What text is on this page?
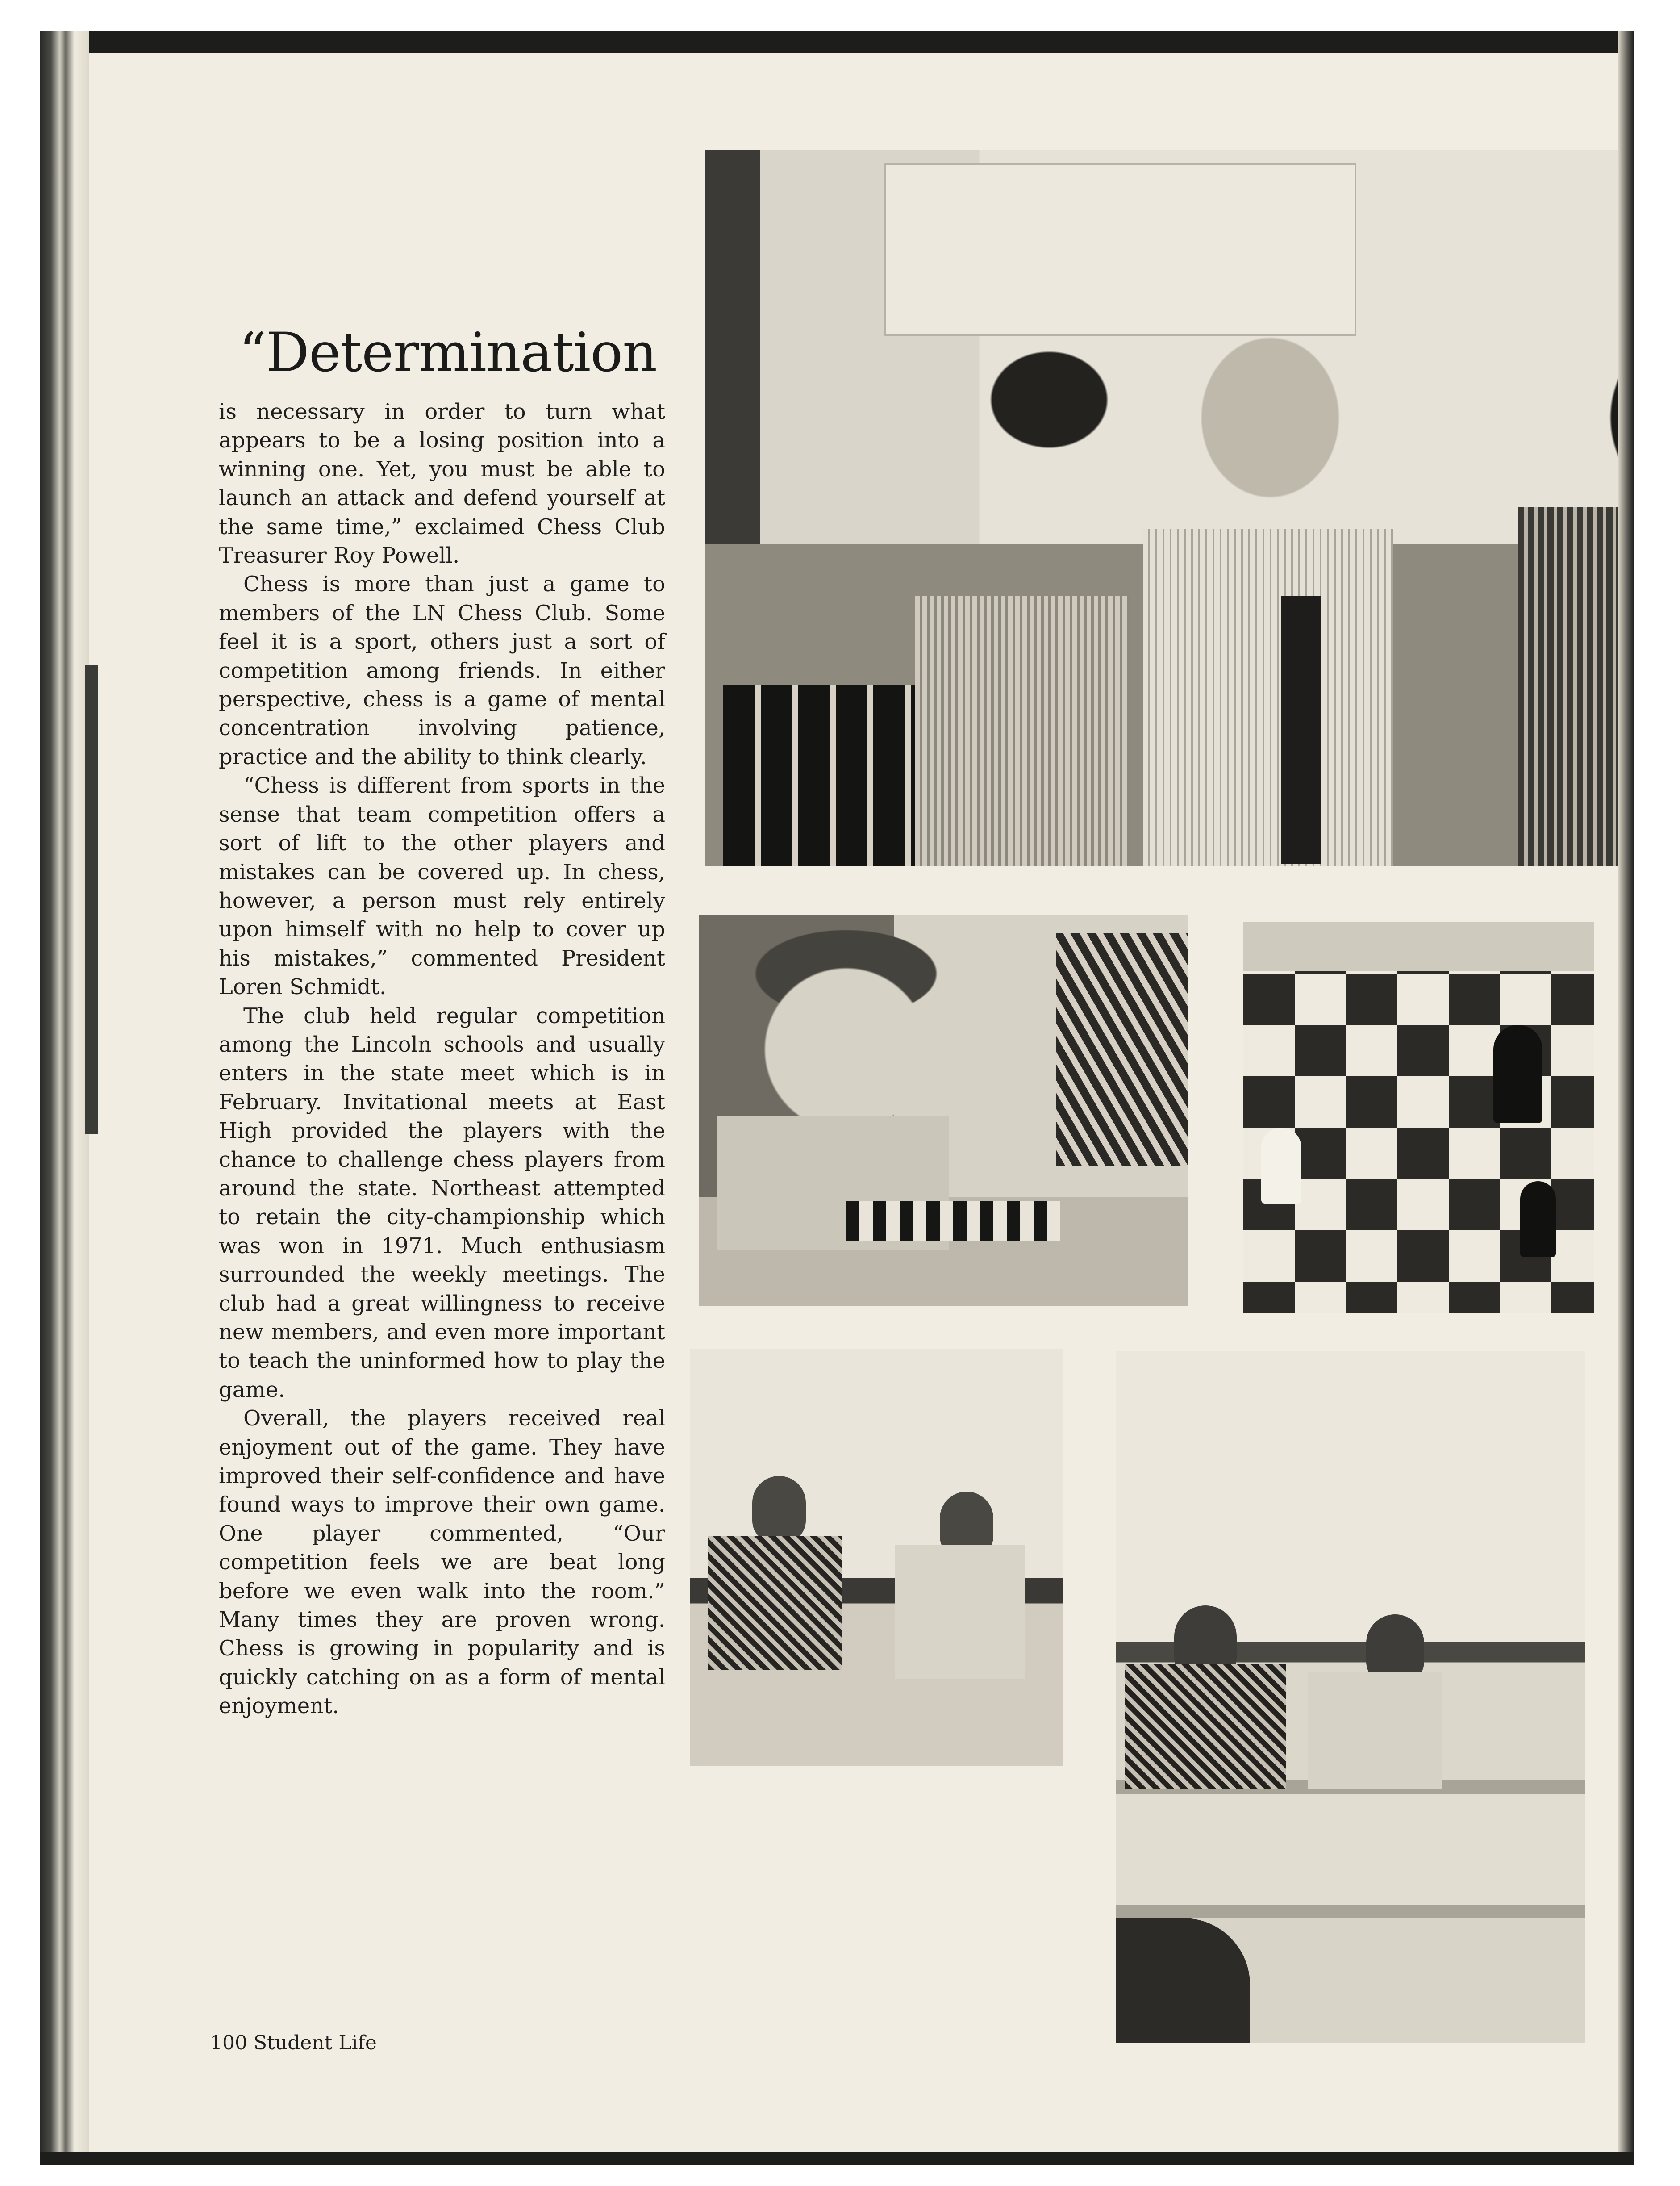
“Determination

is necessary in order to turn what appears to be a losing position into a winning one. Yet, you must be able to launch an attack and defend yourself at the same time,” exclaimed Chess Club Treasurer Roy Powell.

Chess is more than just a game to members of the LN Chess Club. Some feel it is a sport, others just a sort of competition among friends. In either perspective, chess is a game of mental concentration involving patience, practice and the ability to think clearly.

“Chess is different from sports in the sense that team competition offers a sort of lift to the other players and mistakes can be covered up. In chess, however, a person must rely entirely upon himself with no help to cover up his mistakes,” commented President Loren Schmidt.

The club held regular competition among the Lincoln schools and usually enters in the state meet which is in February. Invitational meets at East High provided the players with the chance to challenge chess players from around the state. Northeast attempted to retain the city-championship which was won in 1971. Much enthusiasm surrounded the weekly meetings. The club had a great willingness to receive new members, and even more important to teach the uninformed how to play the game.

Overall, the players received real enjoyment out of the game. They have improved their self-confidence and have found ways to improve their own game. One player commented, “Our competition feels we are beat long before we even walk into the room.” Many times they are proven wrong. Chess is growing in popularity and is quickly catching on as a form of mental enjoyment.

100 Student Life
